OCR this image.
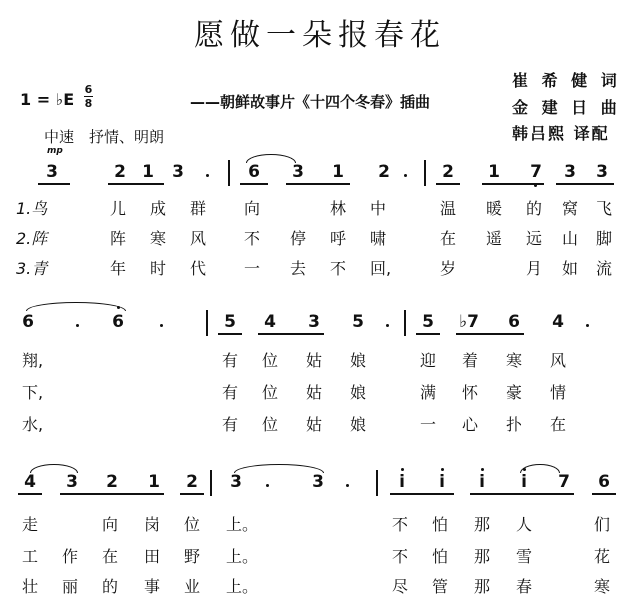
愿做一朵报春花
崔 希 健 词
金 建 日 曲
韩吕熙 译配
1 = ♭E
6
8	——朝鲜故事片《十四个冬春》插曲
中速　抒情、明朗
mp
3	2 1 3	6 3 1 2	2 1 7 3 3
1.鸟	儿 成 群 向	林 中	温 暖 的 窝 飞
2.阵	阵 寒 风 不 停 呼 啸	在 遥 远 山 脚
3.青	年 时 代 一 去 不 回,	岁	月 如 流
6	6	5 4 3 5	5 ♭7 6 4
翔,	有 位 姑 娘	迎 着 寒 风
下,	有 位 姑 娘	满 怀 豪 情
水,	有 位 姑 娘	一 心 扑 在
4 3 2 1 2 3	3	i i i i 7 6
走	向 岗 位 上。	不 怕 那 人	们
工 作 在 田 野 上。	不 怕 那 雪	花
壮 丽 的 事 业 上。	尽 管 那 春	寒
